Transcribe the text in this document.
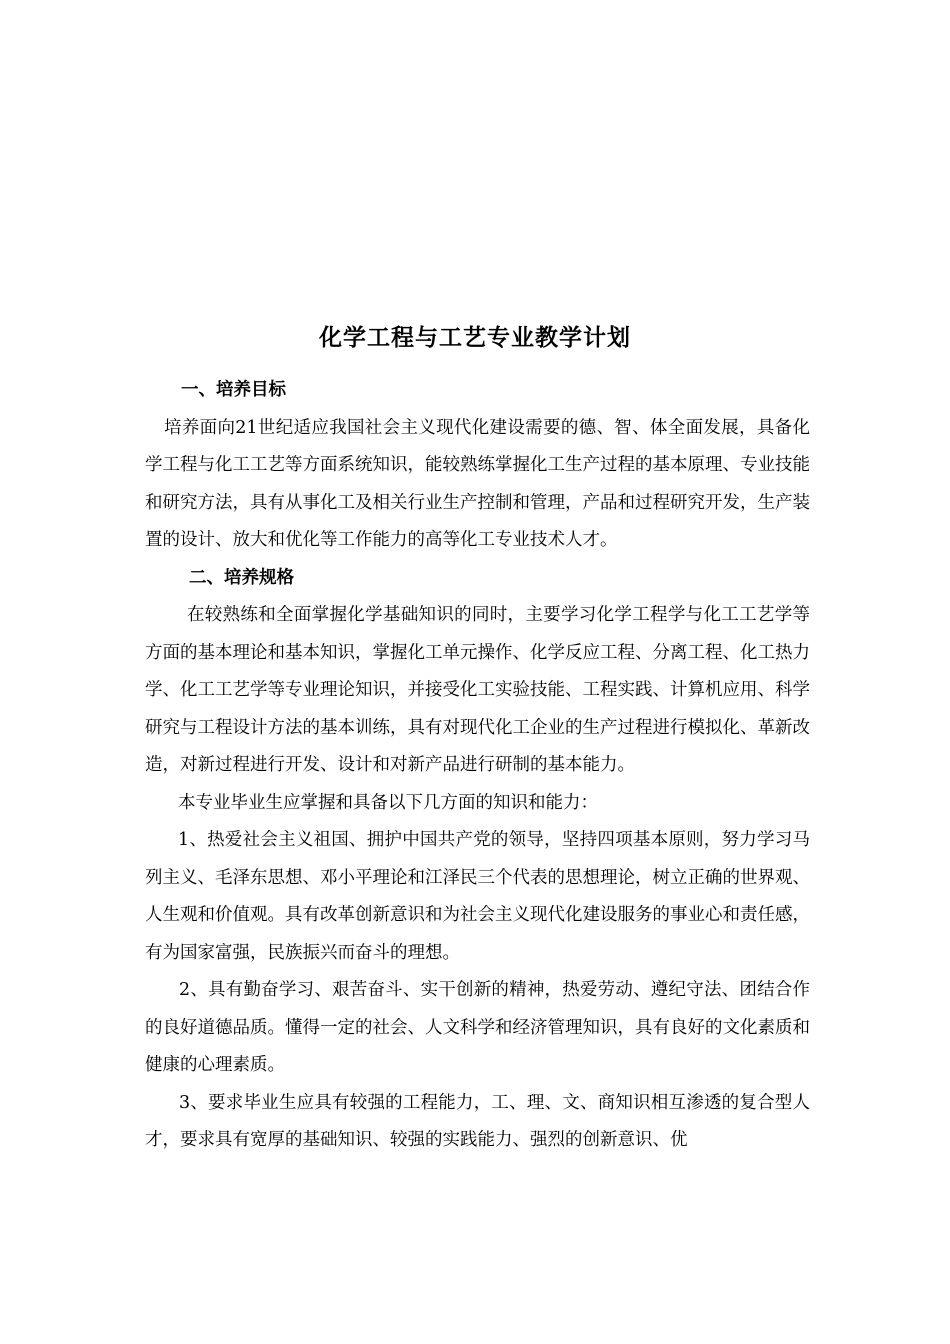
化学工程与工艺专业教学计划

一、培养目标

培养面向21世纪适应我国社会主义现代化建设需要的德、智、体全面发展，具备化学工程与化工工艺等方面系统知识，能较熟练掌握化工生产过程的基本原理、专业技能和研究方法，具有从事化工及相关行业生产控制和管理，产品和过程研究开发，生产装置的设计、放大和优化等工作能力的高等化工专业技术人才。

二、培养规格

在较熟练和全面掌握化学基础知识的同时，主要学习化学工程学与化工工艺学等方面的基本理论和基本知识，掌握化工单元操作、化学反应工程、分离工程、化工热力学、化工工艺学等专业理论知识，并接受化工实验技能、工程实践、计算机应用、科学研究与工程设计方法的基本训练，具有对现代化工企业的生产过程进行模拟化、革新改造，对新过程进行开发、设计和对新产品进行研制的基本能力。

本专业毕业生应掌握和具备以下几方面的知识和能力：

1、热爱社会主义祖国、拥护中国共产党的领导，坚持四项基本原则，努力学习马列主义、毛泽东思想、邓小平理论和江泽民三个代表的思想理论，树立正确的世界观、人生观和价值观。具有改革创新意识和为社会主义现代化建设服务的事业心和责任感，有为国家富强，民族振兴而奋斗的理想。

2、具有勤奋学习、艰苦奋斗、实干创新的精神，热爱劳动、遵纪守法、团结合作的良好道德品质。懂得一定的社会、人文科学和经济管理知识，具有良好的文化素质和健康的心理素质。

3、要求毕业生应具有较强的工程能力，工、理、文、商知识相互渗透的复合型人才，要求具有宽厚的基础知识、较强的实践能力、强烈的创新意识、优
